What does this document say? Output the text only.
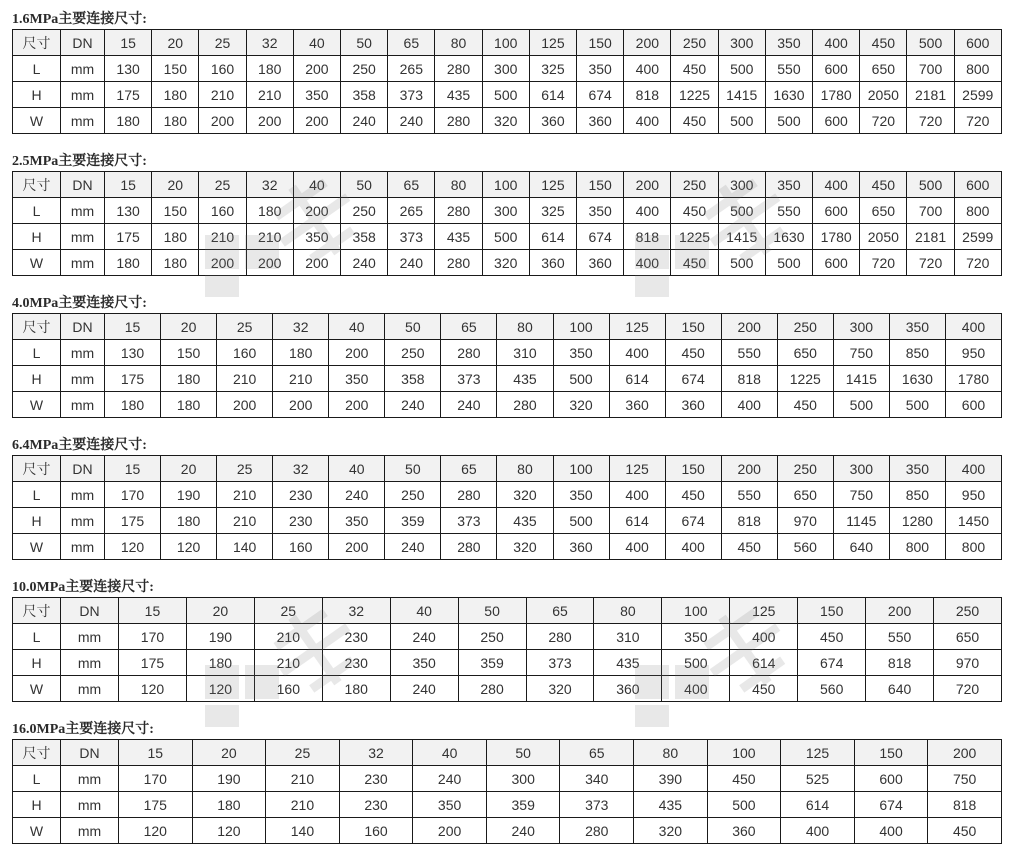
1.6MPa主要连接尺寸:
尺寸	DN	15	20	25	32	40	50	65	80	100	125	150	200	250	300	350	400	450	500	600
L	mm	130	150	160	180	200	250	265	280	300	325	350	400	450	500	550	600	650	700	800
H	mm	175	180	210	210	350	358	373	435	500	614	674	818	1225	1415	1630	1780	2050	2181	2599
W	mm	180	180	200	200	200	240	240	280	320	360	360	400	450	500	500	600	720	720	720
2.5MPa主要连接尺寸:
尺寸	DN	15	20	25	32	40	50	65	80	100	125	150	200	250	300	350	400	450	500	600
L	mm	130	150	160	180	200	250	265	280	300	325	350	400	450	500	550	600	650	700	800
H	mm	175	180	210	210	350	358	373	435	500	614	674	818	1225	1415	1630	1780	2050	2181	2599
W	mm	180	180	200	200	200	240	240	280	320	360	360	400	450	500	500	600	720	720	720
4.0MPa主要连接尺寸:
尺寸	DN	15	20	25	32	40	50	65	80	100	125	150	200	250	300	350	400
L	mm	130	150	160	180	200	250	280	310	350	400	450	550	650	750	850	950
H	mm	175	180	210	210	350	358	373	435	500	614	674	818	1225	1415	1630	1780
W	mm	180	180	200	200	200	240	240	280	320	360	360	400	450	500	500	600
6.4MPa主要连接尺寸:
尺寸	DN	15	20	25	32	40	50	65	80	100	125	150	200	250	300	350	400
L	mm	170	190	210	230	240	250	280	320	350	400	450	550	650	750	850	950
H	mm	175	180	210	230	350	359	373	435	500	614	674	818	970	1145	1280	1450
W	mm	120	120	140	160	200	240	280	320	360	400	400	450	560	640	800	800
10.0MPa主要连接尺寸:
尺寸	DN	15	20	25	32	40	50	65	80	100	125	150	200	250
L	mm	170	190	210	230	240	250	280	310	350	400	450	550	650
H	mm	175	180	210	230	350	359	373	435	500	614	674	818	970
W	mm	120	120	160	180	240	280	320	360	400	450	560	640	720
16.0MPa主要连接尺寸:
尺寸	DN	15	20	25	32	40	50	65	80	100	125	150	200
L	mm	170	190	210	230	240	300	340	390	450	525	600	750
H	mm	175	180	210	230	350	359	373	435	500	614	674	818
W	mm	120	120	140	160	200	240	280	320	360	400	400	450
